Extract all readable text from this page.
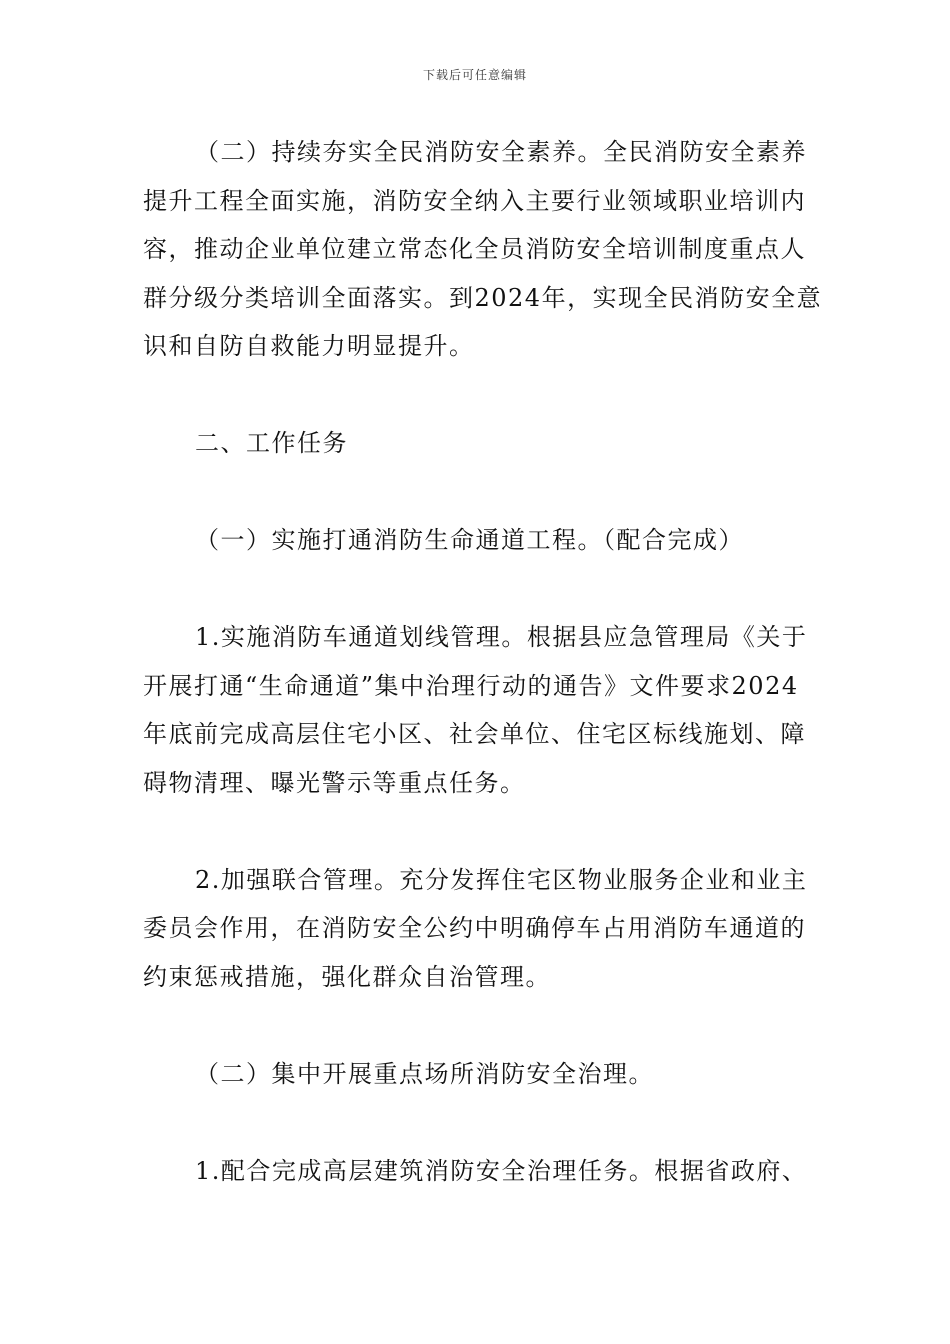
下载后可任意编辑

（二）持续夯实全民消防安全素养。全民消防安全素养提升工程全面实施，消防安全纳入主要行业领域职业培训内容，推动企业单位建立常态化全员消防安全培训制度重点人群分级分类培训全面落实。到2024年，实现全民消防安全意识和自防自救能力明显提升。

二、工作任务

（一）实施打通消防生命通道工程。（配合完成）

1.实施消防车通道划线管理。根据县应急管理局《关于开展打通“生命通道”集中治理行动的通告》文件要求2024年底前完成高层住宅小区、社会单位、住宅区标线施划、障碍物清理、曝光警示等重点任务。

2.加强联合管理。充分发挥住宅区物业服务企业和业主委员会作用，在消防安全公约中明确停车占用消防车通道的约束惩戒措施，强化群众自治管理。

（二）集中开展重点场所消防安全治理。

1.配合完成高层建筑消防安全治理任务。根据省政府、
